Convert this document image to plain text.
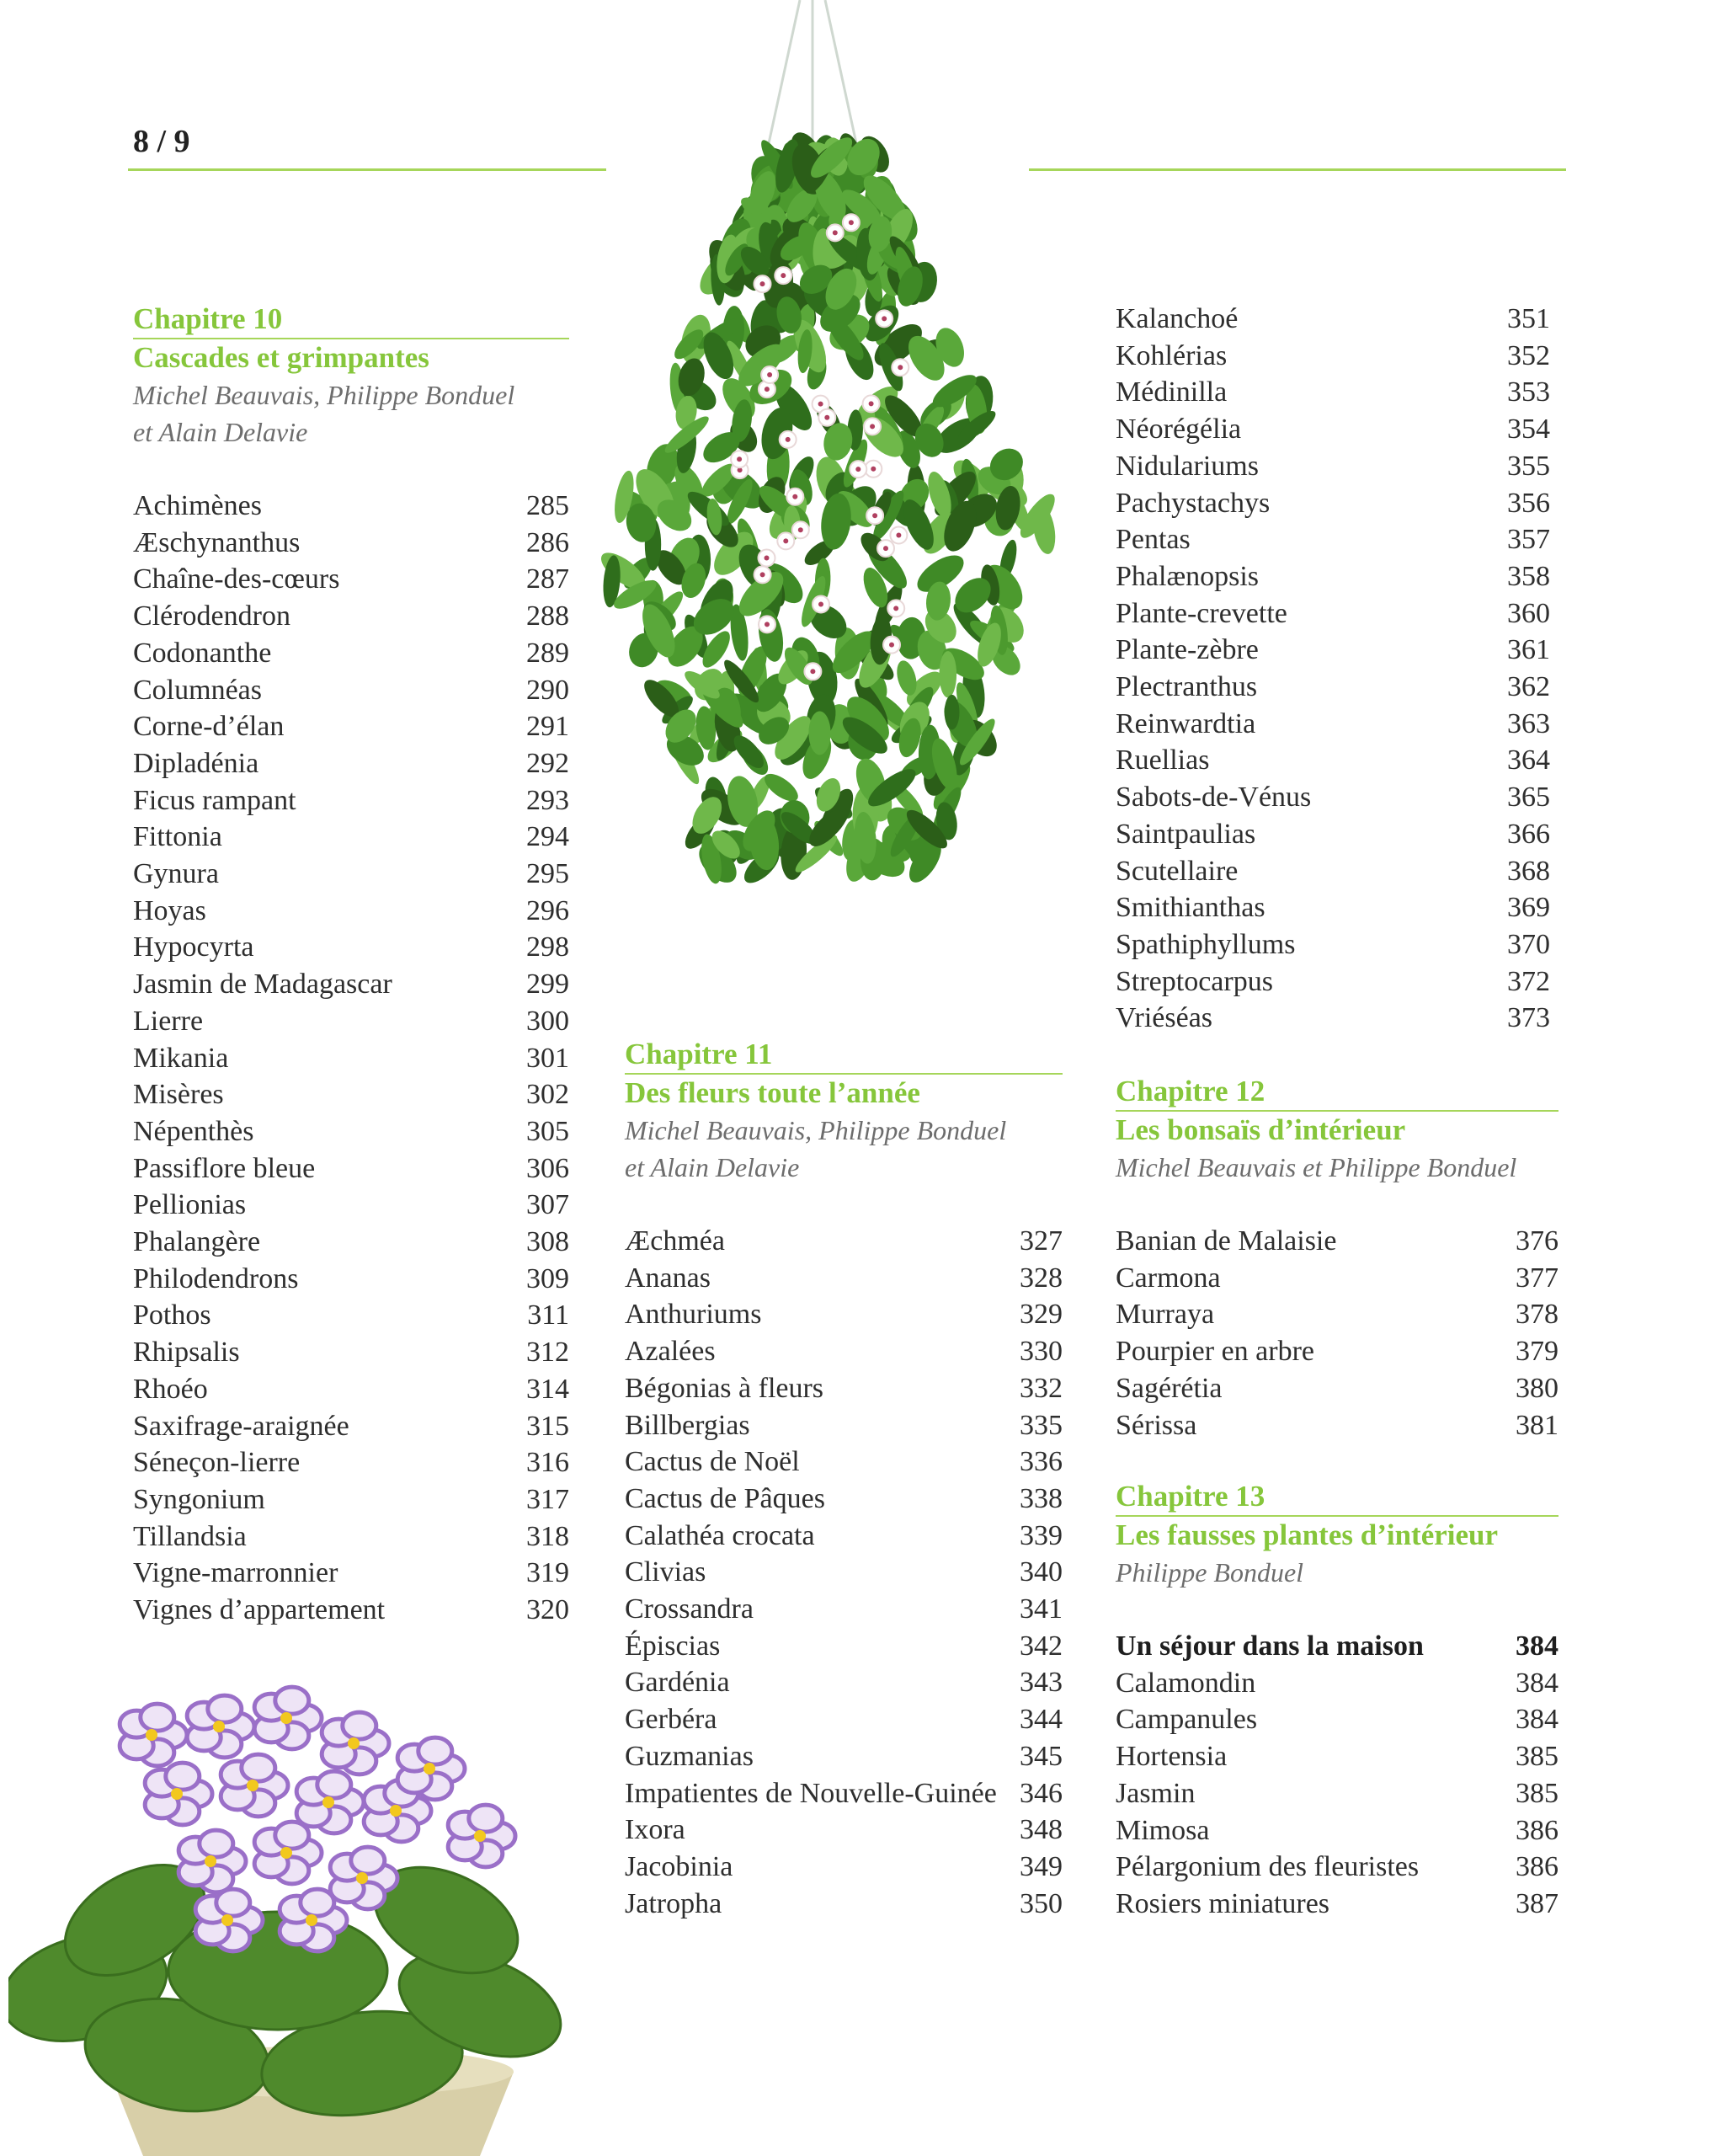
8 / 9
Chapitre 10
Cascades et grimpantes
Michel Beauvais, Philippe Bonduel
et Alain Delavie
Achimènes	285
Æschynanthus	286
Chaîne-des-cœurs	287
Clérodendron	288
Codonanthe	289
Columnéas	290
Corne-d’élan	291
Dipladénia	292
Ficus rampant	293
Fittonia	294
Gynura	295
Hoyas	296
Hypocyrta	298
Jasmin de Madagascar	299
Lierre	300
Mikania	301
Misères	302
Népenthès	305
Passiflore bleue	306
Pellionias	307
Phalangère	308
Philodendrons	309
Pothos	311
Rhipsalis	312
Rhoéo	314
Saxifrage-araignée	315
Séneçon-lierre	316
Syngonium	317
Tillandsia	318
Vigne-marronnier	319
Vignes d’appartement	320
Chapitre 11
Des fleurs toute l’année
Michel Beauvais, Philippe Bonduel
et Alain Delavie
Æchméa	327
Ananas	328
Anthuriums	329
Azalées	330
Bégonias à fleurs	332
Billbergias	335
Cactus de Noël	336
Cactus de Pâques	338
Calathéa crocata	339
Clivias	340
Crossandra	341
Épiscias	342
Gardénia	343
Gerbéra	344
Guzmanias	345
Impatientes de Nouvelle-Guinée 346
Ixora	348
Jacobinia	349
Jatropha	350
Kalanchoé	351
Kohlérias	352
Médinilla	353
Néorégélia	354
Nidulariums	355
Pachystachys	356
Pentas	357
Phalænopsis	358
Plante-crevette	360
Plante-zèbre	361
Plectranthus	362
Reinwardtia	363
Ruellias	364
Sabots-de-Vénus	365
Saintpaulias	366
Scutellaire	368
Smithianthas	369
Spathiphyllums	370
Streptocarpus	372
Vriéséas	373
Chapitre 12
Les bonsaïs d’intérieur
Michel Beauvais et Philippe Bonduel
Banian de Malaisie	376
Carmona	377
Murraya	378
Pourpier en arbre	379
Sagérétia	380
Sérissa	381
Chapitre 13
Les fausses plantes d’intérieur
Philippe Bonduel
Un séjour dans la maison	384
Calamondin	384
Campanules	384
Hortensia	385
Jasmin	385
Mimosa	386
Pélargonium des fleuristes	386
Rosiers miniatures	387
